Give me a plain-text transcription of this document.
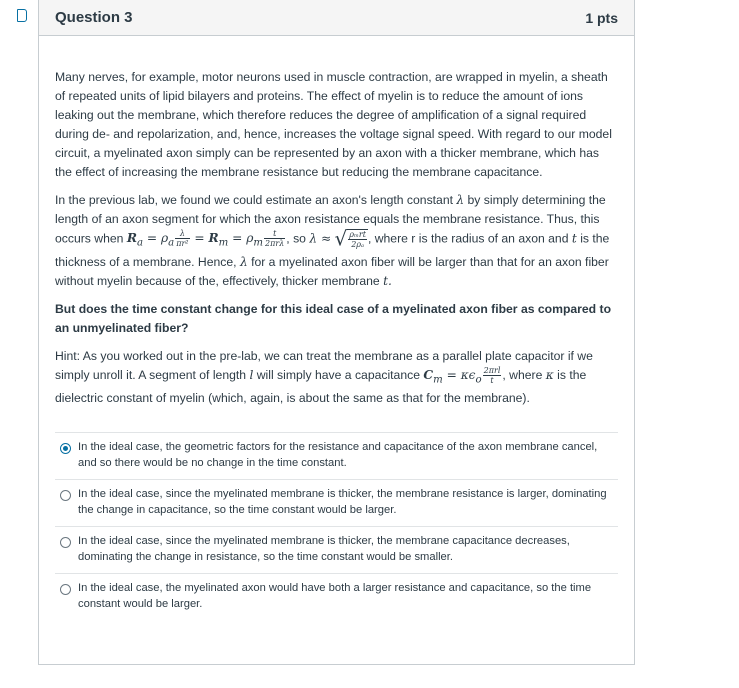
Question 3	1 pts

Many nerves, for example, motor neurons used in muscle contraction, are wrapped in myelin, a sheath of repeated units of lipid bilayers and proteins. The effect of myelin is to reduce the amount of ions leaking out the membrane, which therefore reduces the degree of amplification of a signal required during de- and repolarization, and, hence, increases the voltage signal speed. With regard to our model circuit, a myelinated axon simply can be represented by an axon with a thicker membrane, which has the effect of increasing the membrane resistance but reducing the membrane capacitance.

In the previous lab, we found we could estimate an axon's length constant λ by simply determining the length of an axon segment for which the axon resistance equals the membrane resistance. Thus, this occurs when $R_a = \rho_a \frac{\lambda}{\text{πr²}} = R_m = \rho_m \frac{t}{\text{2πrλ}}$ , so λ ≈ √ $\frac{\text{ρₘrt}}{\text{2ρₐ}}$ , where r is the radius of an axon and t is the thickness of a membrane. Hence, λ for a myelinated axon fiber will be larger than that for an axon fiber without myelin because of the, effectively, thicker membrane t.

But does the time constant change for this ideal case of a myelinated axon fiber as compared to an unmyelinated fiber?

Hint: As you worked out in the pre-lab, we can treat the membrane as a parallel plate capacitor if we simply unroll it. A segment of length l will simply have a capacitance $C_m = \kappa\epsilon_o \frac{\text{2πrl}}{t}$ , where κ is the dielectric constant of myelin (which, again, is about the same as that for the membrane).

In the ideal case, the geometric factors for the resistance and capacitance of the axon membrane cancel, and so there would be no change in the time constant.
In the ideal case, since the myelinated membrane is thicker, the membrane resistance is larger, dominating the change in capacitance, so the time constant would be larger.
In the ideal case, since the myelinated membrane is thicker, the membrane capacitance decreases, dominating the change in resistance, so the time constant would be smaller.
In the ideal case, the myelinated axon would have both a larger resistance and capacitance, so the time constant would be larger.
